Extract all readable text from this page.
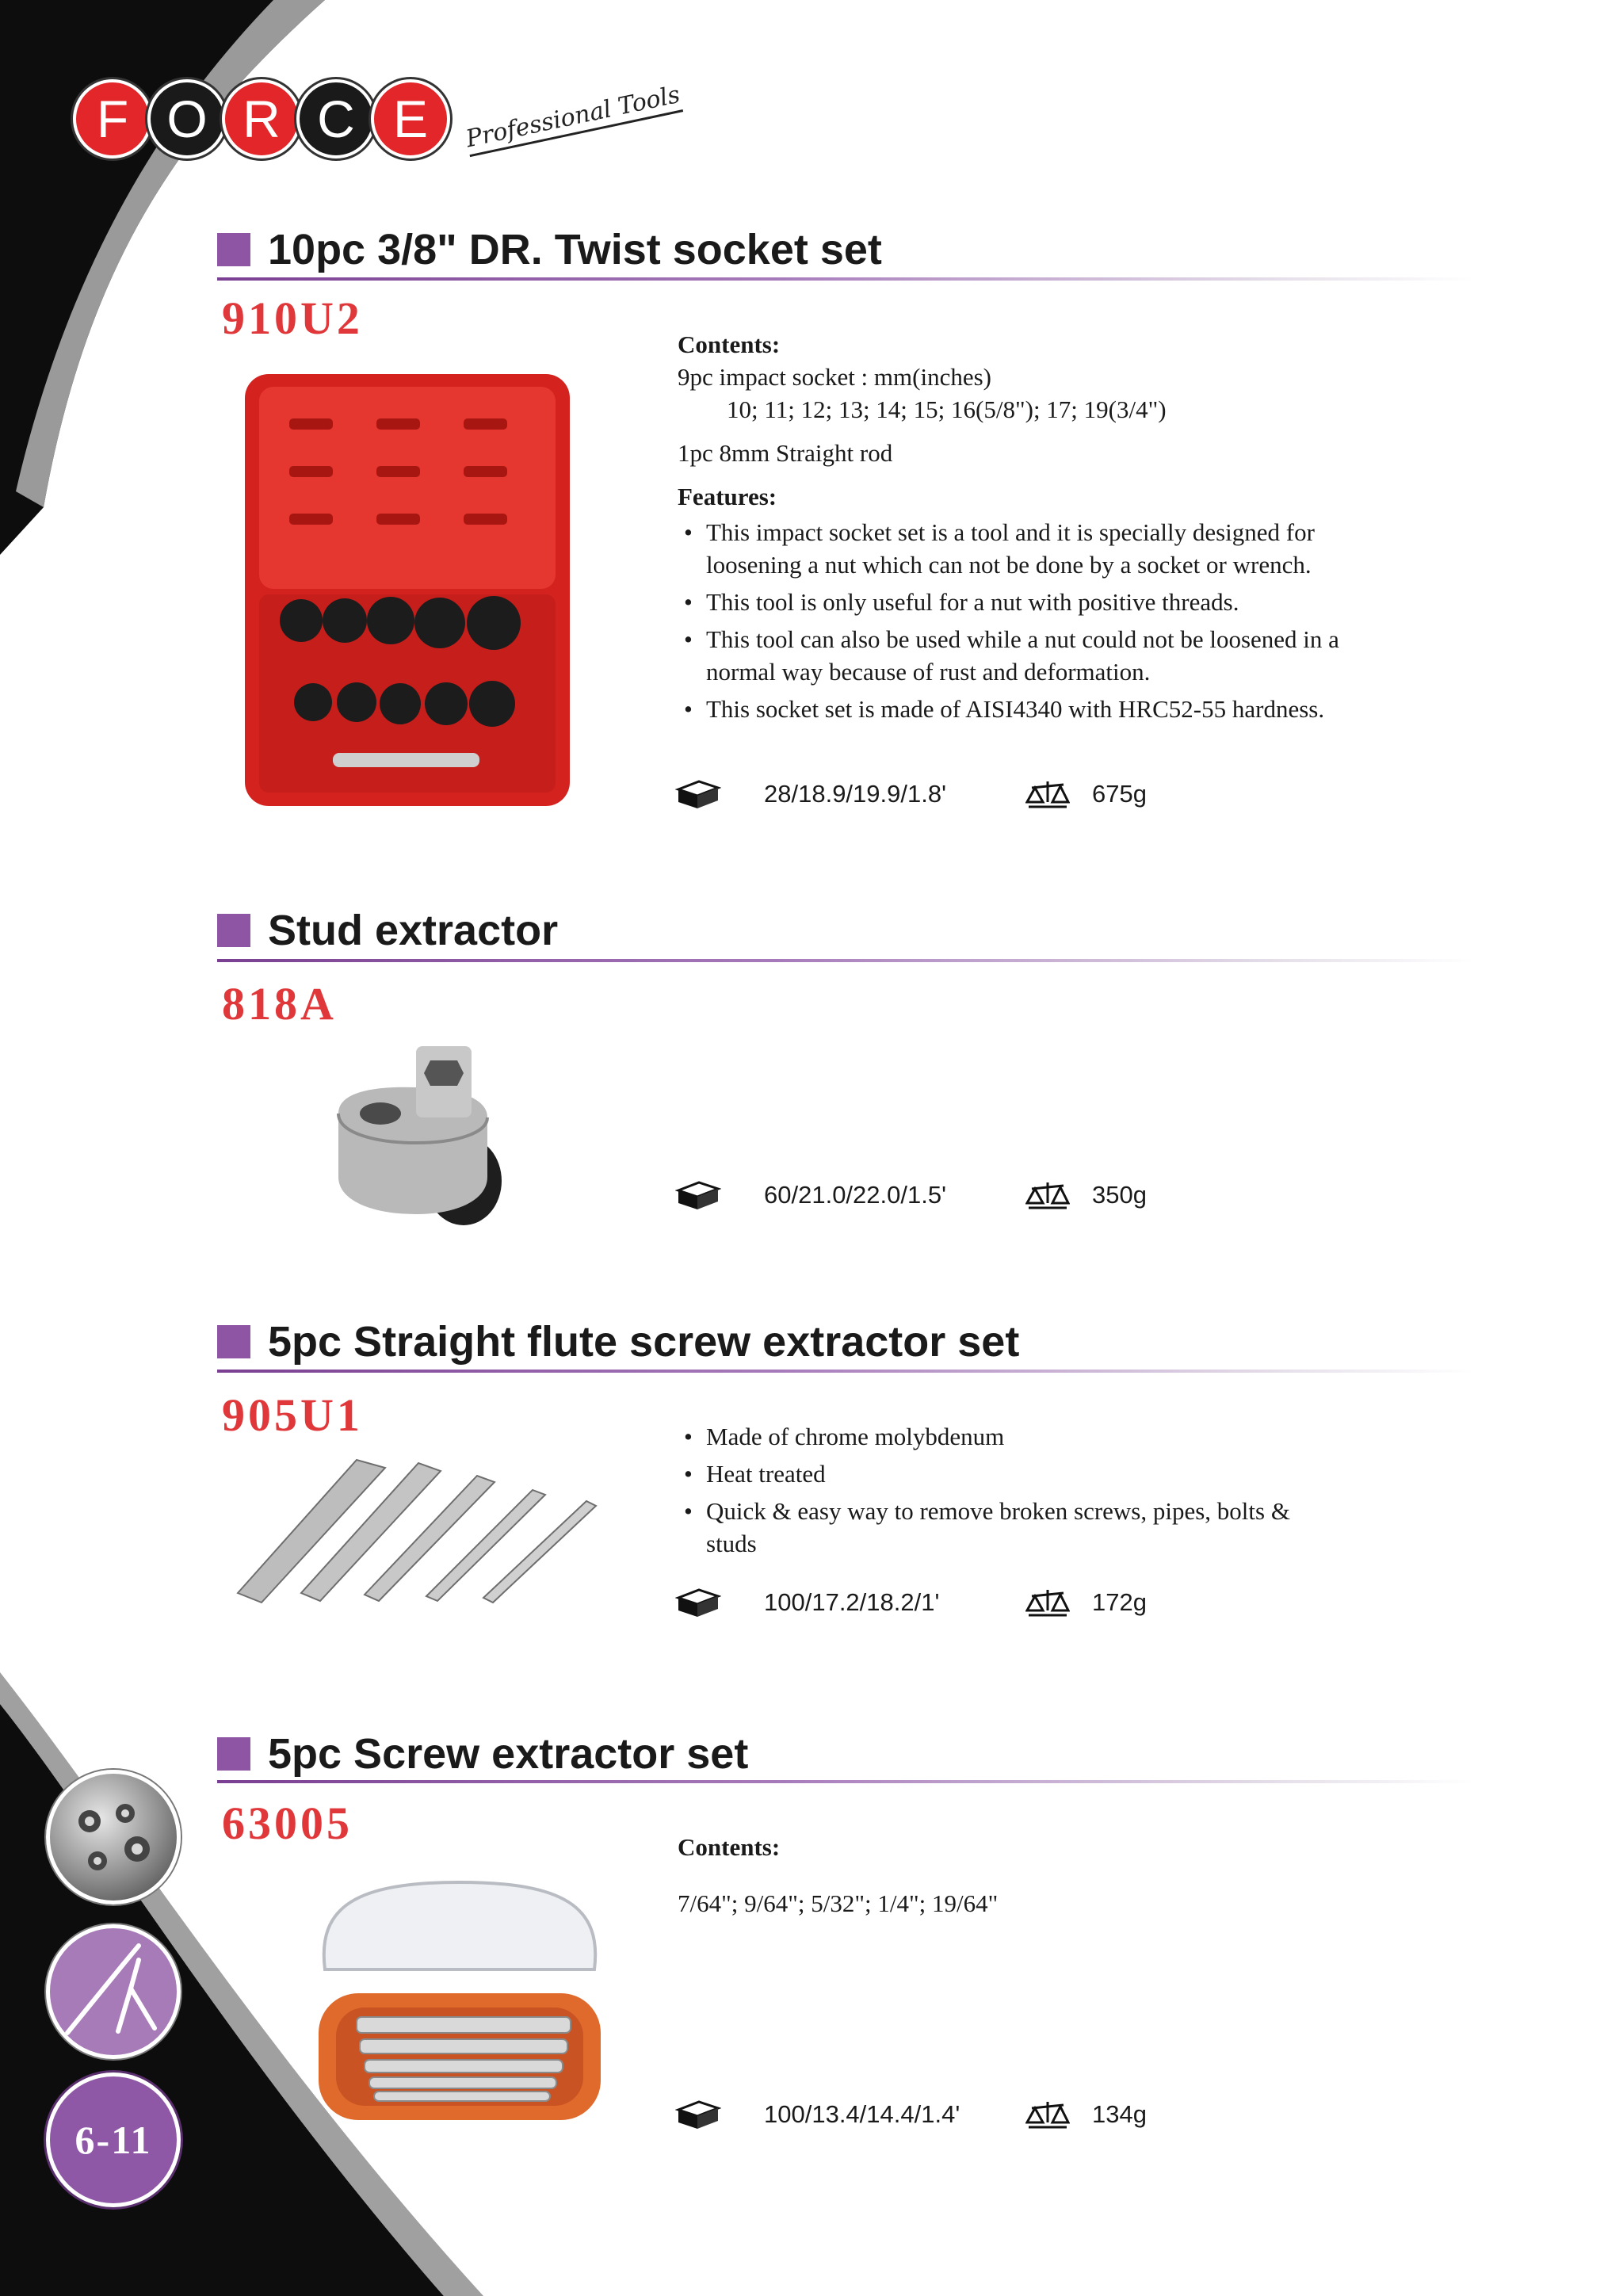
F O R C E	Professional Tools
10pc 3/8" DR. Twist socket set
910U2
Contents:
9pc impact socket : mm(inches)
10; 11; 12; 13; 14; 15; 16(5/8"); 17; 19(3/4")
1pc 8mm Straight rod
Features:
• This impact socket set is a tool and it is specially designed for loosening a nut which can not be done by a socket or wrench.
• This tool is only useful for a nut with positive threads.
• This tool can also be used while a nut could not be loosened in a normal way because of rust and deformation.
• This socket set is made of AISI4340 with HRC52-55 hardness.
28/18.9/19.9/1.8'	675g
Stud extractor
818A
60/21.0/22.0/1.5'	350g
5pc Straight flute screw extractor set
905U1	• Made of chrome molybdenum
• Heat treated
• Quick & easy way to remove broken screws, pipes, bolts & studs
100/17.2/18.2/1'	172g
5pc Screw extractor set
63005	Contents:
7/64"; 9/64"; 5/32"; 1/4"; 19/64"
100/13.4/14.4/1.4'	134g
6-11
